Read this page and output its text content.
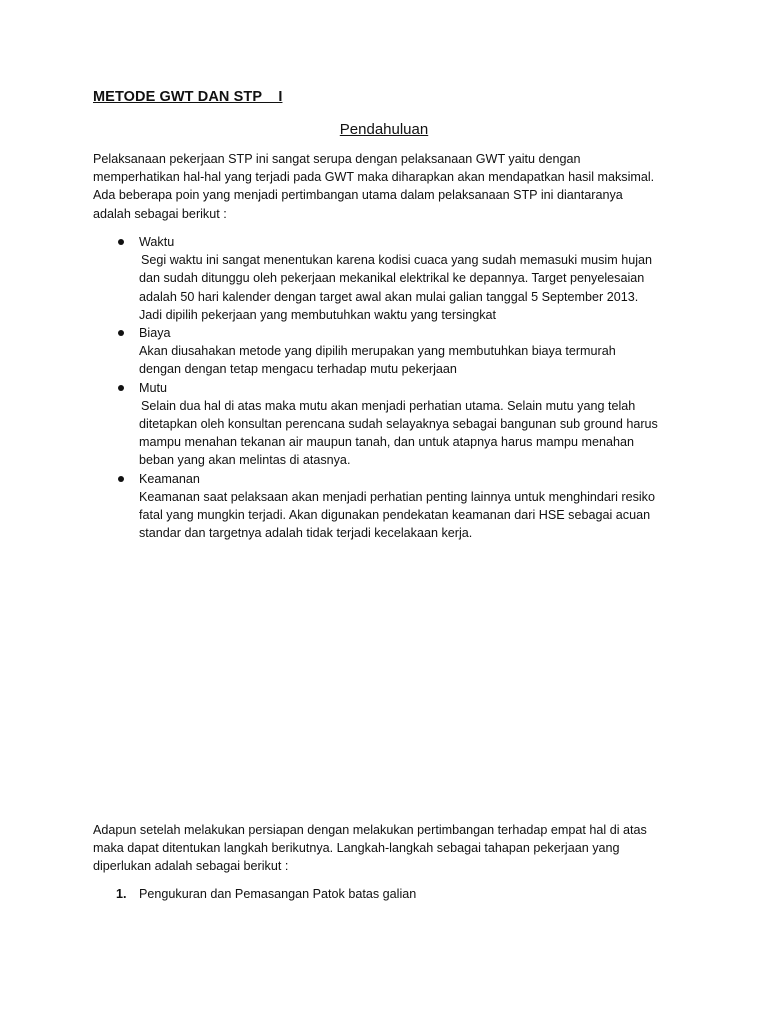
METODE GWT DAN STP    I
Pendahuluan
Pelaksanaan pekerjaan STP ini sangat serupa dengan pelaksanaan GWT yaitu dengan
memperhatikan hal-hal yang terjadi pada GWT maka diharapkan akan mendapatkan hasil maksimal.
Ada beberapa poin yang menjadi pertimbangan utama dalam pelaksanaan STP ini diantaranya
adalah sebagai berikut :
Waktu
Segi waktu ini sangat menentukan karena kodisi cuaca yang sudah memasuki musim hujan
dan sudah ditunggu oleh pekerjaan mekanikal elektrikal ke depannya. Target penyelesaian
adalah 50 hari kalender dengan target awal akan mulai galian tanggal 5 September 2013.
Jadi dipilih pekerjaan yang membutuhkan waktu yang tersingkat
Biaya
Akan diusahakan metode yang dipilih merupakan yang membutuhkan biaya termurah
dengan dengan tetap mengacu terhadap mutu pekerjaan
Mutu
Selain dua hal di atas maka mutu akan menjadi perhatian utama. Selain mutu yang telah
ditetapkan oleh konsultan perencana sudah selayaknya sebagai bangunan sub ground harus
mampu menahan tekanan air maupun tanah, dan untuk atapnya harus mampu menahan
beban yang akan melintas di atasnya.
Keamanan
Keamanan saat pelaksaan akan menjadi perhatian penting lainnya untuk menghindari resiko
fatal yang mungkin terjadi. Akan digunakan pendekatan keamanan dari HSE sebagai acuan
standar dan targetnya adalah tidak terjadi kecelakaan kerja.
Adapun setelah melakukan persiapan dengan melakukan pertimbangan terhadap empat hal di atas
maka dapat ditentukan langkah berikutnya. Langkah-langkah sebagai tahapan pekerjaan yang
diperlukan adalah sebagai berikut :
1. Pengukuran dan Pemasangan Patok batas galian
